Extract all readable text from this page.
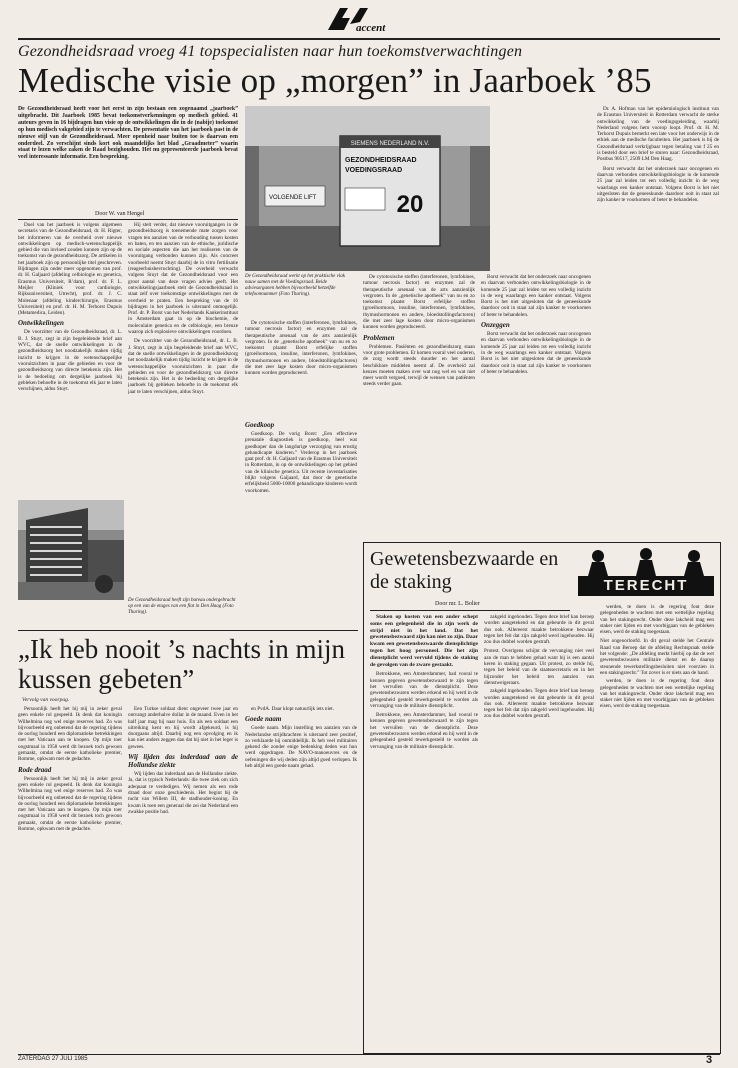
accent
Gezondheidsraad vroeg 41 topspecialisten naar hun toekomstverwachtingen
Medische visie op „morgen” in Jaarboek ’85
De Gezondheidsraad heeft voor het eerst in zijn bestaan een zogenaamd „jaarboek” uitgebracht. Dit Jaarboek 1985 bevat toekomstverkenningen op medisch gebied. 41 auteurs geven in 16 bijdragen hun visie op de ontwikkelingen die in de (nabije) toekomst op hun medisch vakgebied zijn te verwachten. De presentatie van het jaarboek past in de nieuwe stijl van de Gezondheidsraad. Meer openheid naar buiten toe is daarvan een onderdeel. Zo verschijnt sinds kort ook maandelijks het blad „Graadmeter” waarin staat te lezen welke zaken de Raad bezighouden. Het nu gepresenteerde jaarboek bevat veel interessante informatie. Een bespreking.
Door W. van Hengel

Doel van het jaarboek is volgens algemeen secretaris van de Gezondheidsraad, dr. H. Rigter, het informeren van de overheid over nieuwe ontwikkelingen op medisch-wetenschappelijk gebied die van invloed zouden kunnen zijn op de toekomst van de gezondheidszorg. De artikelen in het jaarboek zijn op persoonlijke titel geschreven. Bijdragen zijn onder meer opgenomen van prof. dr. H. Galjaard (afdeling celbiologie en genetica, Erasmus Universiteit, R’dam), prof. dr. F. L. Meijler (Kliniek voor cardiologie, Rijksuniversiteit, Utrecht), prof. dr. J. C. Molenaar (afdeling kinderchirurgie, Erasmus Universiteit) en prof. dr. H. M. Terhorst Dupuis (Metamedica, Leiden).

Ontwikkelingen

De voorzitter van de Gezondheidsraad, dr. L. B. J. Stuyt, zegt in zijn begeleidende brief aan WVC, dat de snelle ontwikkelingen in de gezondheidszorg het noodzakelijk maken tijdig inzicht te krijgen in de wetenschappelijke vooruitzichten in paar die gebieden en voor de gezondheidszorg van directe betekenis zijn. Het is de bedoeling om dergelijke jaarboek bij gebleken behoefte in de toekomst elk jaar te laten verschijnen, aldus Stuyt.

Hij stelt verder, dat nieuwe vooruitgangen in de gezondheidszorg is toenemende mate zorgen voor vragen ten aanzien van de verhouding tussen kosten en baten, en ten aanzien van de ethische, juridische en sociale aspecten die aan het realiseren van de vooruitgang verbonden kunnen zijn. Als concreet voorbeeld noemt Stuyt daarbij de in vitro fertilisatie (reageerbuisbevruchting). De overheid verwacht volgens Stuyt dat de Gezondheidsraad voor een groot aantal van deze vragen advies geeft. Het ontwikkelingsjaarboek stelt de Gezondheidsraad in staat zelf over toekomstige ontwikkelingen met de overheid te praten. Een bespreking van de 16 bijdragen in het jaarboek is uiteraard onmogelijk. Prof. dr. P. Borst van het Nederlands Kankerinstituut in Amsterdam gaat in op de biochemie, de moleculaire genetica en de celbiologie, een breuze waarop zich explosieve ontwikkelingen voordoen.

De voorzitter van de Gezondheidsraad, dr. L. B. J. Stuyt, zegt in zijn begeleidende brief aan WVC, dat de snelle ontwikkelingen in de gezondheidszorg het noodzakelijk maken tijdig inzicht te krijgen in de wetenschappelijke vooruitzichten in paar die gebieden en voor de gezondheidszorg van directe betekenis zijn. Het is de bedoeling om dergelijke jaarboek bij gebleken behoefte in de toekomst elk jaar te laten verschijnen, aldus Stuyt.

De Gezondheidsraad heeft zijn bureau ondergebracht op een van de etages van een flat in Den Haag (Foto Thuring).
SIEMENS NEDERLAND N.V.
GEZONDHEIDSRAAD
VOEDINGSRAAD
20
VOLGENDE LIFT
De Gezondheidsraad werkt op het praktische vlak nauw samen met de Voedingsraad. Beide adviesorganen hebben bijvoorbeeld hetzelfde telefoonnummer (Foto Thuring).

De cytotoxische stoffen (interferonen, lymfokines, tumour necrosis factor) en enzymen zal de therapeutische arsenaal van de arts aanzienlijk vergroten. In de „genetische apotheek” van nu en zo toekomst plaatst Borst erfelijke stoffen (groeihormoon, insuline, interferonen, lymfokines, thymushormonen en andere, bloedstollingsfactoren) die met zeer lage kosten door micro-organismen kunnen worden geproduceerd.

Goedkoop

Goedkoop. De vorig Borst: „Een effectieve prenatale diagnostiek is goedkoop, heel wat goedkoper dan de langdurige verzorging van ernstig gehandicapte kinderen.” Verderop in het jaarboek gaat prof. dr. H. Galjaard van de Erasmus Universiteit in Rotterdam, in op de ontwikkelingen op het gebied van de klinische genetica. Uit recente inventarisaties blijkt volgens Galjaard, dat door de genetische erfelijkheid 5000-10000 gehandicapte kinderen wordt voorkomen.

De cytotoxische stoffen (interferonen, lymfokines, tumour necrosis factor) en enzymen zal de therapeutische arsenaal van de arts aanzienlijk vergroten. In de „genetische apotheek” van nu en zo toekomst plaatst Borst erfelijke stoffen (groeihormoon, insuline, interferonen, lymfokines, thymushormonen en andere, bloedstollingsfactoren) die met zeer lage kosten door micro-organismen kunnen worden geproduceerd.

Problemen

Problemen. Pasiënten en gezondheidszorg staan voor grote problemen. Er komen vooral veel ouderen, de zorg wordt steeds duurder en het aantal beschikbare middelen neemt af. De overheid zal keuzes moeten maken over wat nog wel en wat niet meer wordt vergoed, terwijl de wensen van patiënten steeds verder gaan.

Borst verwacht dat het onderzoek naar oncogenen en daarvan verbonden ontwikkelingsbiologie in de komende 25 jaar zal leiden tot een volledig inzicht in de weg waarlangs een kanker ontstaat. Volgens Borst is het niet uitgesloten dat de geneeskunde daardoor ooit in staat zal zijn kanker te voorkomen of beter te behandelen.

Onzeggen

Borst verwacht dat het onderzoek naar oncogenen en daarvan verbonden ontwikkelingsbiologie in de komende 25 jaar zal leiden tot een volledig inzicht in de weg waarlangs een kanker ontstaat. Volgens Borst is het niet uitgesloten dat de geneeskunde daardoor ooit in staat zal zijn kanker te voorkomen of beter te behandelen.

Dr. A. Hofman van het epidemiologisch instituut van de Erasmus Universiteit in Rotterdam verwacht de sterke ontwikkeling van de voedingsgeleiding, waarbij Nederland volgens hem voorop loopt. Prof. dr. H. M. Terhorst Dupuis bemerkt een late voor het onderwijs in de ethiek aan de medische faculteiten. Het jaarboek is bij de Gezondheidsraad verkrijgbaar tegen betaling van f 25 en is besteld door een brief te sturen naar: Gezondheidsraad, Postbus 90517, 2509 LM Den Haag.

Borst verwacht dat het onderzoek naar oncogenen en daarvan verbonden ontwikkelingsbiologie in de komende 25 jaar zal leiden tot een volledig inzicht in de weg waarlangs een kanker ontstaat. Volgens Borst is het niet uitgesloten dat de geneeskunde daardoor ooit in staat zal zijn kanker te voorkomen of beter te behandelen.

„Ik heb nooit ’s nachts in mijn kussen gebeten”
Vervolg van voorpag.

Persoonlijk heeft het hij mij in zeker geval geen enkele rol gespeeld. Ik denk dat koningin Wilhelmina nog wel enige reserves had. Zo was bijvoorbeeld erg onbetend dat de regering tijdens de oorlog honderd een diplomatieke betrekkingen met het Vaticaan aan te knopen. Op mijn toer oogstmaal in 1958 werd dit bezoek toch gewoon gemaakt, omdat de eerste katholieke premier, Romme, opkwam met de gedachte.

Rode draad

Persoonlijk heeft het hij mij in zeker geval geen enkele rol gespeeld. Ik denk dat koningin Wilhelmina nog wel enige reserves had. Zo was bijvoorbeeld erg onbetend dat de regering tijdens de oorlog honderd een diplomatieke betrekkingen met het Vaticaan aan te knopen. Op mijn toer oogstmaal in 1958 werd dit bezoek toch gewoon gemaakt, omdat de eerste katholieke premier, Romme, opkwam met de gedachte.

Een Turkse soldaat dient ongeveer twee jaar en ontvangt anderhalve dollar in de maand. Even in het half jaar mag hij naar huis. En als een soldaat een uitreiking kent en hij wordt afgekeurd, is hij doorgaans altijd. Daarbij nog een opvolging en ik kan niet anders zeggen dan dat hij niet in het leger is gewees.

Wij lijden das inderdaad aan de Hollandse ziekte

Wij lijden das inderdaad aan de Hollandse ziekte. Ja, dat is typisch Nederlands: die twee ziek om zich adequaat te verdedigen. Wij nemen als een rode draad door onze geschiedenis. Het begint bij de tucht van Willem III, de stadhouder-koning. En kwam ik toen een generaal die zei dat Nederland een zwakke positie had.

en PvdA. Daar klopt natuurlijk iets niet.

Goede naam

Goede naam. Mijn instelling ten aanzien van de Nederlandse strijdkrachten is uiteraard zeer positief, zo verklaarde hij onmiddellijk. Ik heb veel militairen gekend die zonder enige bedenking deden wat hun werd opgedragen. De NAVO-manoeuvres en de oefeningen die wij deden zijn altijd goed verlopen. Ik heb altijd een goede naam gehad.

Gewetensbezwaarde en de staking	TERECHT
Door mr. L. Bolier

Staken op kosten van een ander schept soms een gelegenheid die in zijn werk de strijd niet in het land. Dat het gewetensbezwaard zijn kan niet zo zijn. Daar kwam een gewetensbezwaarde diensplichtige tegen het hoog personeel. Die het zijn dienstplicht werd vervuld tijdens de staking de gevolgen van de zware gestaakt.

Betrokkene, een Amsterdammer, had vooral te kennen gegeven gewetensbezwaard te zijn tegen het vervullen van de dienstplicht. Deze gewetensbezwaren werden erkend en hij werd in de gelegenheid gesteld tewerkgesteld te worden als vervanging van de militaire dienstplicht.

Betrokkene, een Amsterdammer, had vooral te kennen gegeven gewetensbezwaard te zijn tegen het vervullen van de dienstplicht. Deze gewetensbezwaren werden erkend en hij werd in de gelegenheid gesteld tewerkgesteld te worden als vervanging van de militaire dienstplicht.

zakgeld ingehouden. Tegen deze brief kan beroep worden aangetekend en dat gebeurde in dit geval dus ook. Allereerst maakte betrokkene bezwaar tegen het feit dat zijn zakgeld werd ingehouden. Hij zou dus dubbel worden gestraft.

Protest. Overigens schijnt de vervanging niet veel aan de man te hebben gehad want hij is een aantal keren in staking gegaan. Uit protest, zo stelde hij, tegen het beleid van de staatssecretaris en in het bijzonder het beleid ten aanzien van dienstweigeraars.

zakgeld ingehouden. Tegen deze brief kan beroep worden aangetekend en dat gebeurde in dit geval dus ook. Allereerst maakte betrokkene bezwaar tegen het feit dat zijn zakgeld werd ingehouden. Hij zou dus dubbel worden gestraft.

werden, te doen is de regering fout deze gelegenheden te wachten met een wettelijke regeling van het stakingsrecht. Onder deze lakcheid mag een staker niet lijden en met voorbijgaan van de gebleken eisen, werd de staking toegestaan.

Niet ongeoorloofd. In dit geval stelde het Centrale Raad van Beroep dat de afdeling Rechtspraak stelde het volgende: „De afdeling merkt hierbij op dat de wet gewetensbezwaren militaire dienst en de daarop steunende tewerkstellingsbesluiten niet voorzien in een stakingsrecht.” Tot zover is er niets aan de hand.

werden, te doen is de regering fout deze gelegenheden te wachten met een wettelijke regeling van het stakingsrecht. Onder deze lakcheid mag een staker niet lijden en met voorbijgaan van de gebleken eisen, werd de staking toegestaan.

ZATERDAG 27 JULI 1985	3
